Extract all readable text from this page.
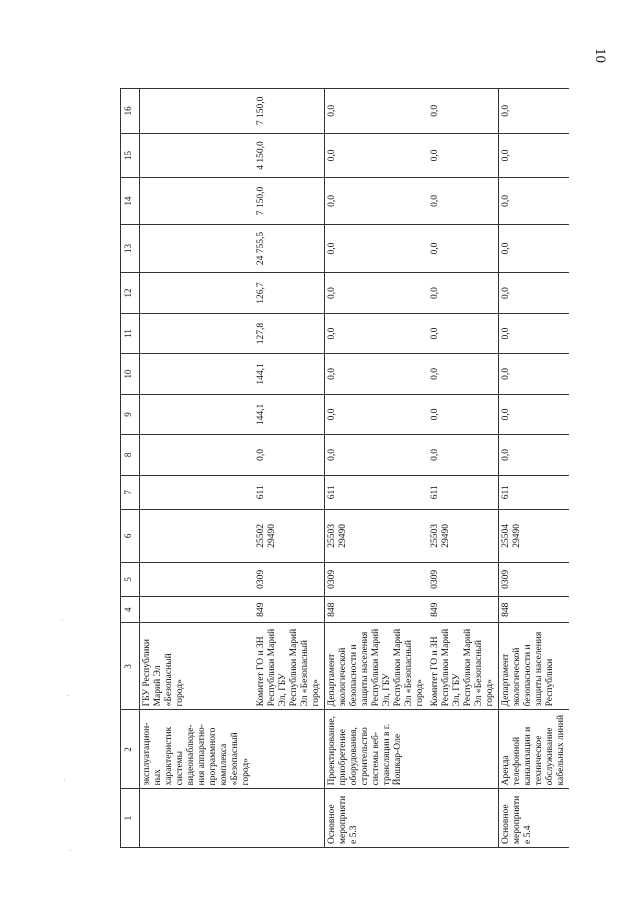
10
1	2	3	4	5	6	7	8	9	10	11	12	13	14	15	16
	эксплуатацион-ных характеристик системы видеонаблюде-ния аппаратно-программного комплекса «Безопасный город»	ГБУ Республики Марий Эл «Безопасный город»													
		Комитет ГО и ЗН Республики Марий Эл, ГБУ Республики Марий Эл «Безопасный город»	849	0309	25502 29490	611	0,0	144,1	144,1	127,8	126,7	24 755,5	7 150,0	4 150,0	7 150,0
Основное мероприятие 5.3	Проектирование, приобретение оборудования, строительство системы веб-трансляции в г. Йошкар-Оле	Департамент экологической безопасности и защиты населения Республики Марий Эл, ГБУ Республики Марий Эл «Безопасный город»	848	0309	25503 29490	611	0,0	0,0	0,0	0,0	0,0	0,0	0,0	0,0	0,0
		Комитет ГО и ЗН Республики Марий Эл, ГБУ Республики Марий Эл «Безопасный город»	849	0309	25503 29490	611	0,0	0,0	0,0	0,0	0,0	0,0	0,0	0,0	0,0
Основное мероприятие 5.4	Аренда телефонной канализации и техническое обслуживание кабельных линий	Департамент экологической безопасности и защиты населения Республики	848	0309	25504 29490	611	0,0	0,0	0,0	0,0	0,0	0,0	0,0	0,0	0,0
